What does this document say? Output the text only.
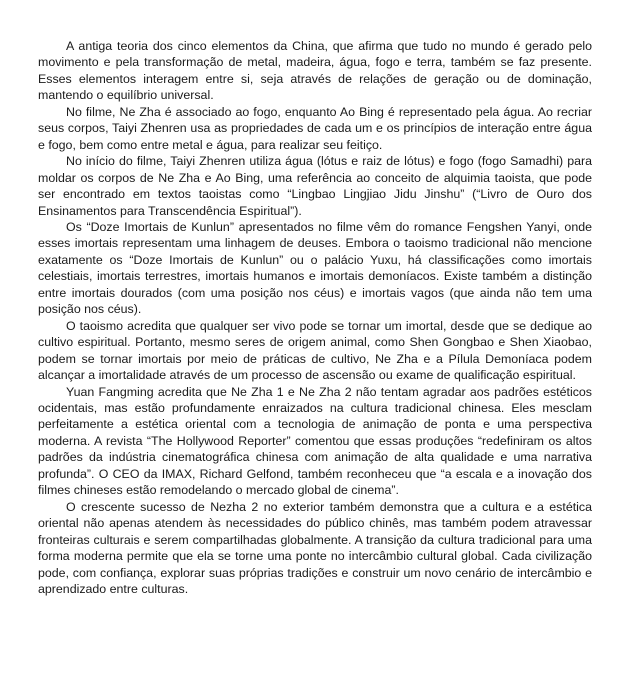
A antiga teoria dos cinco elementos da China, que afirma que tudo no mundo é gerado pelo movimento e pela transformação de metal, madeira, água, fogo e terra, também se faz presente. Esses elementos interagem entre si, seja através de relações de geração ou de dominação, mantendo o equilíbrio universal.

No filme, Ne Zha é associado ao fogo, enquanto Ao Bing é representado pela água. Ao recriar seus corpos, Taiyi Zhenren usa as propriedades de cada um e os princípios de interação entre água e fogo, bem como entre metal e água, para realizar seu feitiço.

No início do filme, Taiyi Zhenren utiliza água (lótus e raiz de lótus) e fogo (fogo Samadhi) para moldar os corpos de Ne Zha e Ao Bing, uma referência ao conceito de alquimia taoista, que pode ser encontrado em textos taoistas como “Lingbao Lingjiao Jidu Jinshu” (“Livro de Ouro dos Ensinamentos para Transcendência Espiritual”).

Os “Doze Imortais de Kunlun” apresentados no filme vêm do romance Fengshen Yanyi, onde esses imortais representam uma linhagem de deuses. Embora o taoismo tradicional não mencione exatamente os “Doze Imortais de Kunlun” ou o palácio Yuxu, há classificações como imortais celestiais, imortais terrestres, imortais humanos e imortais demoníacos. Existe também a distinção entre imortais dourados (com uma posição nos céus) e imortais vagos (que ainda não tem uma posição nos céus).

O taoismo acredita que qualquer ser vivo pode se tornar um imortal, desde que se dedique ao cultivo espiritual. Portanto, mesmo seres de origem animal, como Shen Gongbao e Shen Xiaobao, podem se tornar imortais por meio de práticas de cultivo, Ne Zha e a Pílula Demoníaca podem alcançar a imortalidade através de um processo de ascensão ou exame de qualificação espiritual.

Yuan Fangming acredita que Ne Zha 1 e Ne Zha 2 não tentam agradar aos padrões estéticos ocidentais, mas estão profundamente enraizados na cultura tradicional chinesa. Eles mesclam perfeitamente a estética oriental com a tecnologia de animação de ponta e uma perspectiva moderna. A revista “The Hollywood Reporter” comentou que essas produções “redefiniram os altos padrões da indústria cinematográfica chinesa com animação de alta qualidade e uma narrativa profunda”. O CEO da IMAX, Richard Gelfond, também reconheceu que “a escala e a inovação dos filmes chineses estão remodelando o mercado global de cinema”.

O crescente sucesso de Nezha 2 no exterior também demonstra que a cultura e a estética oriental não apenas atendem às necessidades do público chinês, mas também podem atravessar fronteiras culturais e serem compartilhadas globalmente. A transição da cultura tradicional para uma forma moderna permite que ela se torne uma ponte no intercâmbio cultural global. Cada civilização pode, com confiança, explorar suas próprias tradições e construir um novo cenário de intercâmbio e aprendizado entre culturas.
